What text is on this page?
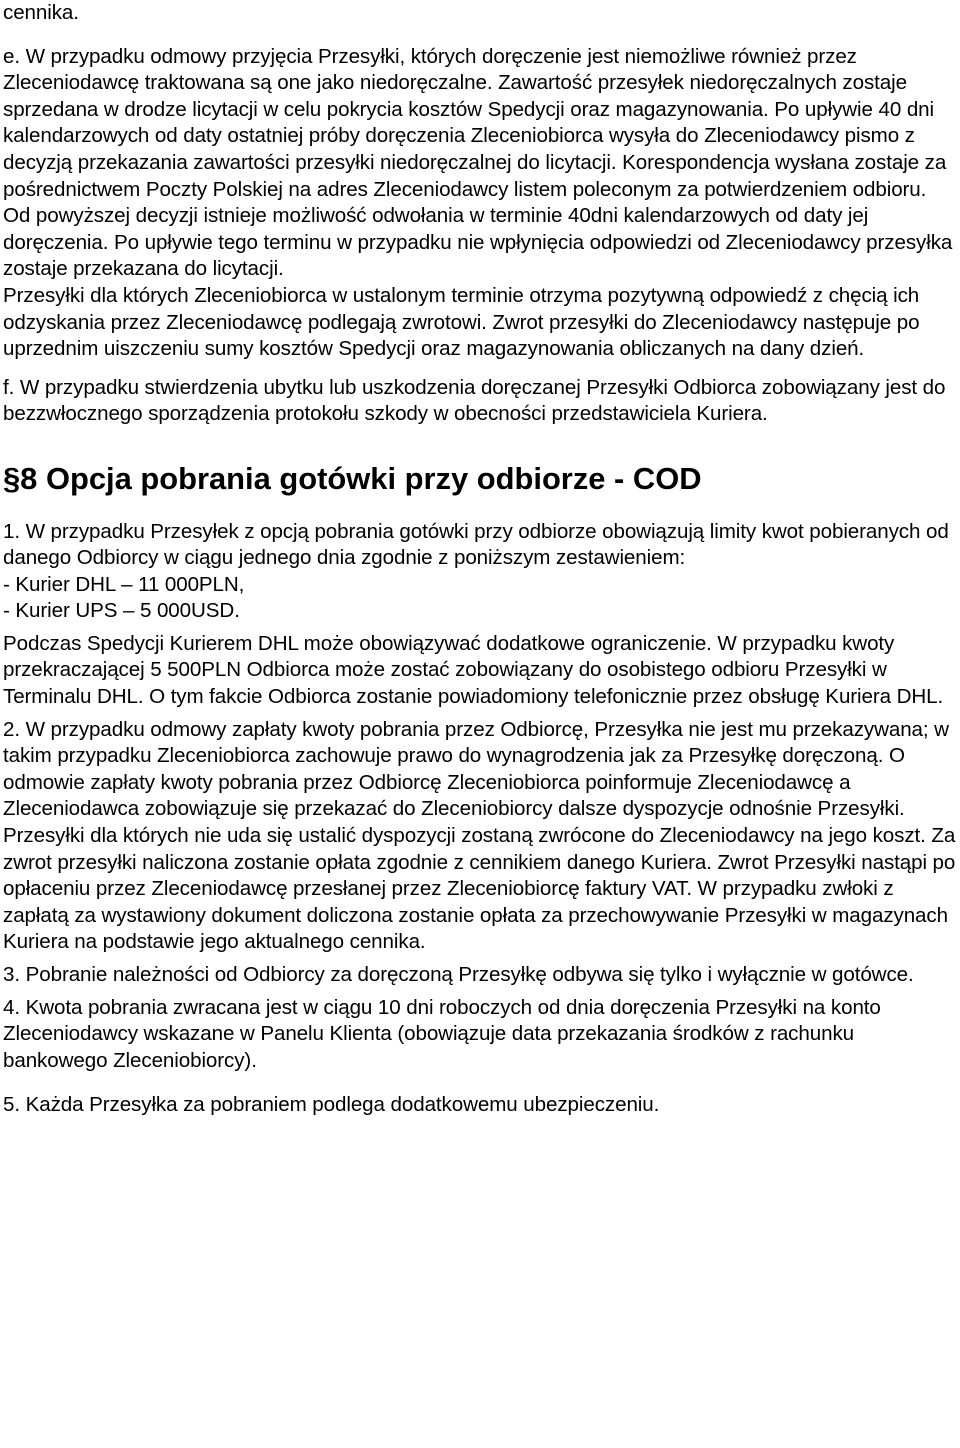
cennika.

e. W przypadku odmowy przyjęcia Przesyłki, których doręczenie jest niemożliwe również przez Zleceniodawcę traktowana są one jako niedoręczalne. Zawartość przesyłek niedoręczalnych zostaje sprzedana w drodze licytacji w celu pokrycia kosztów Spedycji oraz magazynowania. Po upływie 40 dni kalendarzowych od daty ostatniej próby doręczenia Zleceniobiorca wysyła do Zleceniodawcy pismo z decyzją przekazania zawartości przesyłki niedoręczalnej do licytacji. Korespondencja wysłana zostaje za pośrednictwem Poczty Polskiej na adres Zleceniodawcy listem poleconym za potwierdzeniem odbioru.

Od powyższej decyzji istnieje możliwość odwołania w terminie 40dni kalendarzowych od daty jej doręczenia. Po upływie tego terminu w przypadku nie wpłynięcia odpowiedzi od Zleceniodawcy przesyłka zostaje przekazana do licytacji.

Przesyłki dla których Zleceniobiorca w ustalonym terminie otrzyma pozytywną odpowiedź z chęcią ich odzyskania przez Zleceniodawcę podlegają zwrotowi. Zwrot przesyłki do Zleceniodawcy następuje po uprzednim uiszczeniu sumy kosztów Spedycji oraz magazynowania obliczanych na dany dzień.

f. W przypadku stwierdzenia ubytku lub uszkodzenia doręczanej Przesyłki Odbiorca zobowiązany jest do bezzwłocznego sporządzenia protokołu szkody w obecności przedstawiciela Kuriera.

§8 Opcja pobrania gotówki przy odbiorze - COD

1. W przypadku Przesyłek z opcją pobrania gotówki przy odbiorze obowiązują limity kwot pobieranych od danego Odbiorcy w ciągu jednego dnia zgodnie z poniższym zestawieniem:

- Kurier DHL – 11 000PLN,

- Kurier UPS – 5 000USD.

Podczas Spedycji Kurierem DHL może obowiązywać dodatkowe ograniczenie. W przypadku kwoty przekraczającej 5 500PLN Odbiorca może zostać zobowiązany do osobistego odbioru Przesyłki w Terminalu DHL. O tym fakcie Odbiorca zostanie powiadomiony telefonicznie przez obsługę Kuriera DHL.

2. W przypadku odmowy zapłaty kwoty pobrania przez Odbiorcę, Przesyłka nie jest mu przekazywana; w takim przypadku Zleceniobiorca zachowuje prawo do wynagrodzenia jak za Przesyłkę doręczoną. O odmowie zapłaty kwoty pobrania przez Odbiorcę Zleceniobiorca poinformuje Zleceniodawcę a Zleceniodawca zobowiązuje się przekazać do Zleceniobiorcy dalsze dyspozycje odnośnie Przesyłki. Przesyłki dla których nie uda się ustalić dyspozycji zostaną zwrócone do Zleceniodawcy na jego koszt. Za zwrot przesyłki naliczona zostanie opłata zgodnie z cennikiem danego Kuriera. Zwrot Przesyłki nastąpi po opłaceniu przez Zleceniodawcę przesłanej przez Zleceniobiorcę faktury VAT. W przypadku zwłoki z zapłatą za wystawiony dokument doliczona zostanie opłata za przechowywanie Przesyłki w magazynach Kuriera na podstawie jego aktualnego cennika.

3. Pobranie należności od Odbiorcy za doręczoną Przesyłkę odbywa się tylko i wyłącznie w gotówce.

4. Kwota pobrania zwracana jest w ciągu 10 dni roboczych od dnia doręczenia Przesyłki na konto Zleceniodawcy wskazane w Panelu Klienta (obowiązuje data przekazania środków z rachunku bankowego Zleceniobiorcy).

5. Każda Przesyłka za pobraniem podlega dodatkowemu ubezpieczeniu.
